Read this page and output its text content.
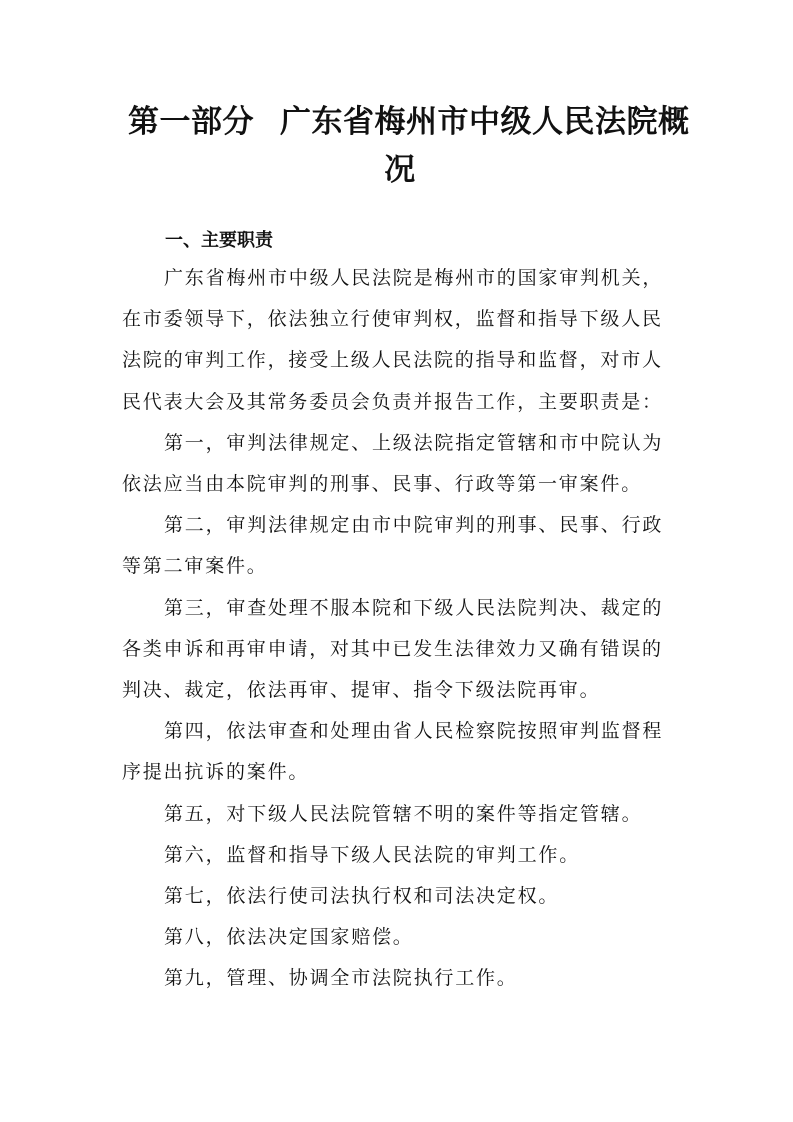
第一部分 广东省梅州市中级人民法院概
况
一、主要职责

广东省梅州市中级人民法院是梅州市的国家审判机关，
在市委领导下，依法独立行使审判权，监督和指导下级人民
法院的审判工作，接受上级人民法院的指导和监督，对市人
民代表大会及其常务委员会负责并报告工作，主要职责是：

第一，审判法律规定、上级法院指定管辖和市中院认为
依法应当由本院审判的刑事、民事、行政等第一审案件。

第二，审判法律规定由市中院审判的刑事、民事、行政
等第二审案件。

第三，审查处理不服本院和下级人民法院判决、裁定的
各类申诉和再审申请，对其中已发生法律效力又确有错误的
判决、裁定，依法再审、提审、指令下级法院再审。

第四，依法审查和处理由省人民检察院按照审判监督程
序提出抗诉的案件。

第五，对下级人民法院管辖不明的案件等指定管辖。

第六，监督和指导下级人民法院的审判工作。

第七，依法行使司法执行权和司法决定权。

第八，依法决定国家赔偿。

第九，管理、协调全市法院执行工作。
